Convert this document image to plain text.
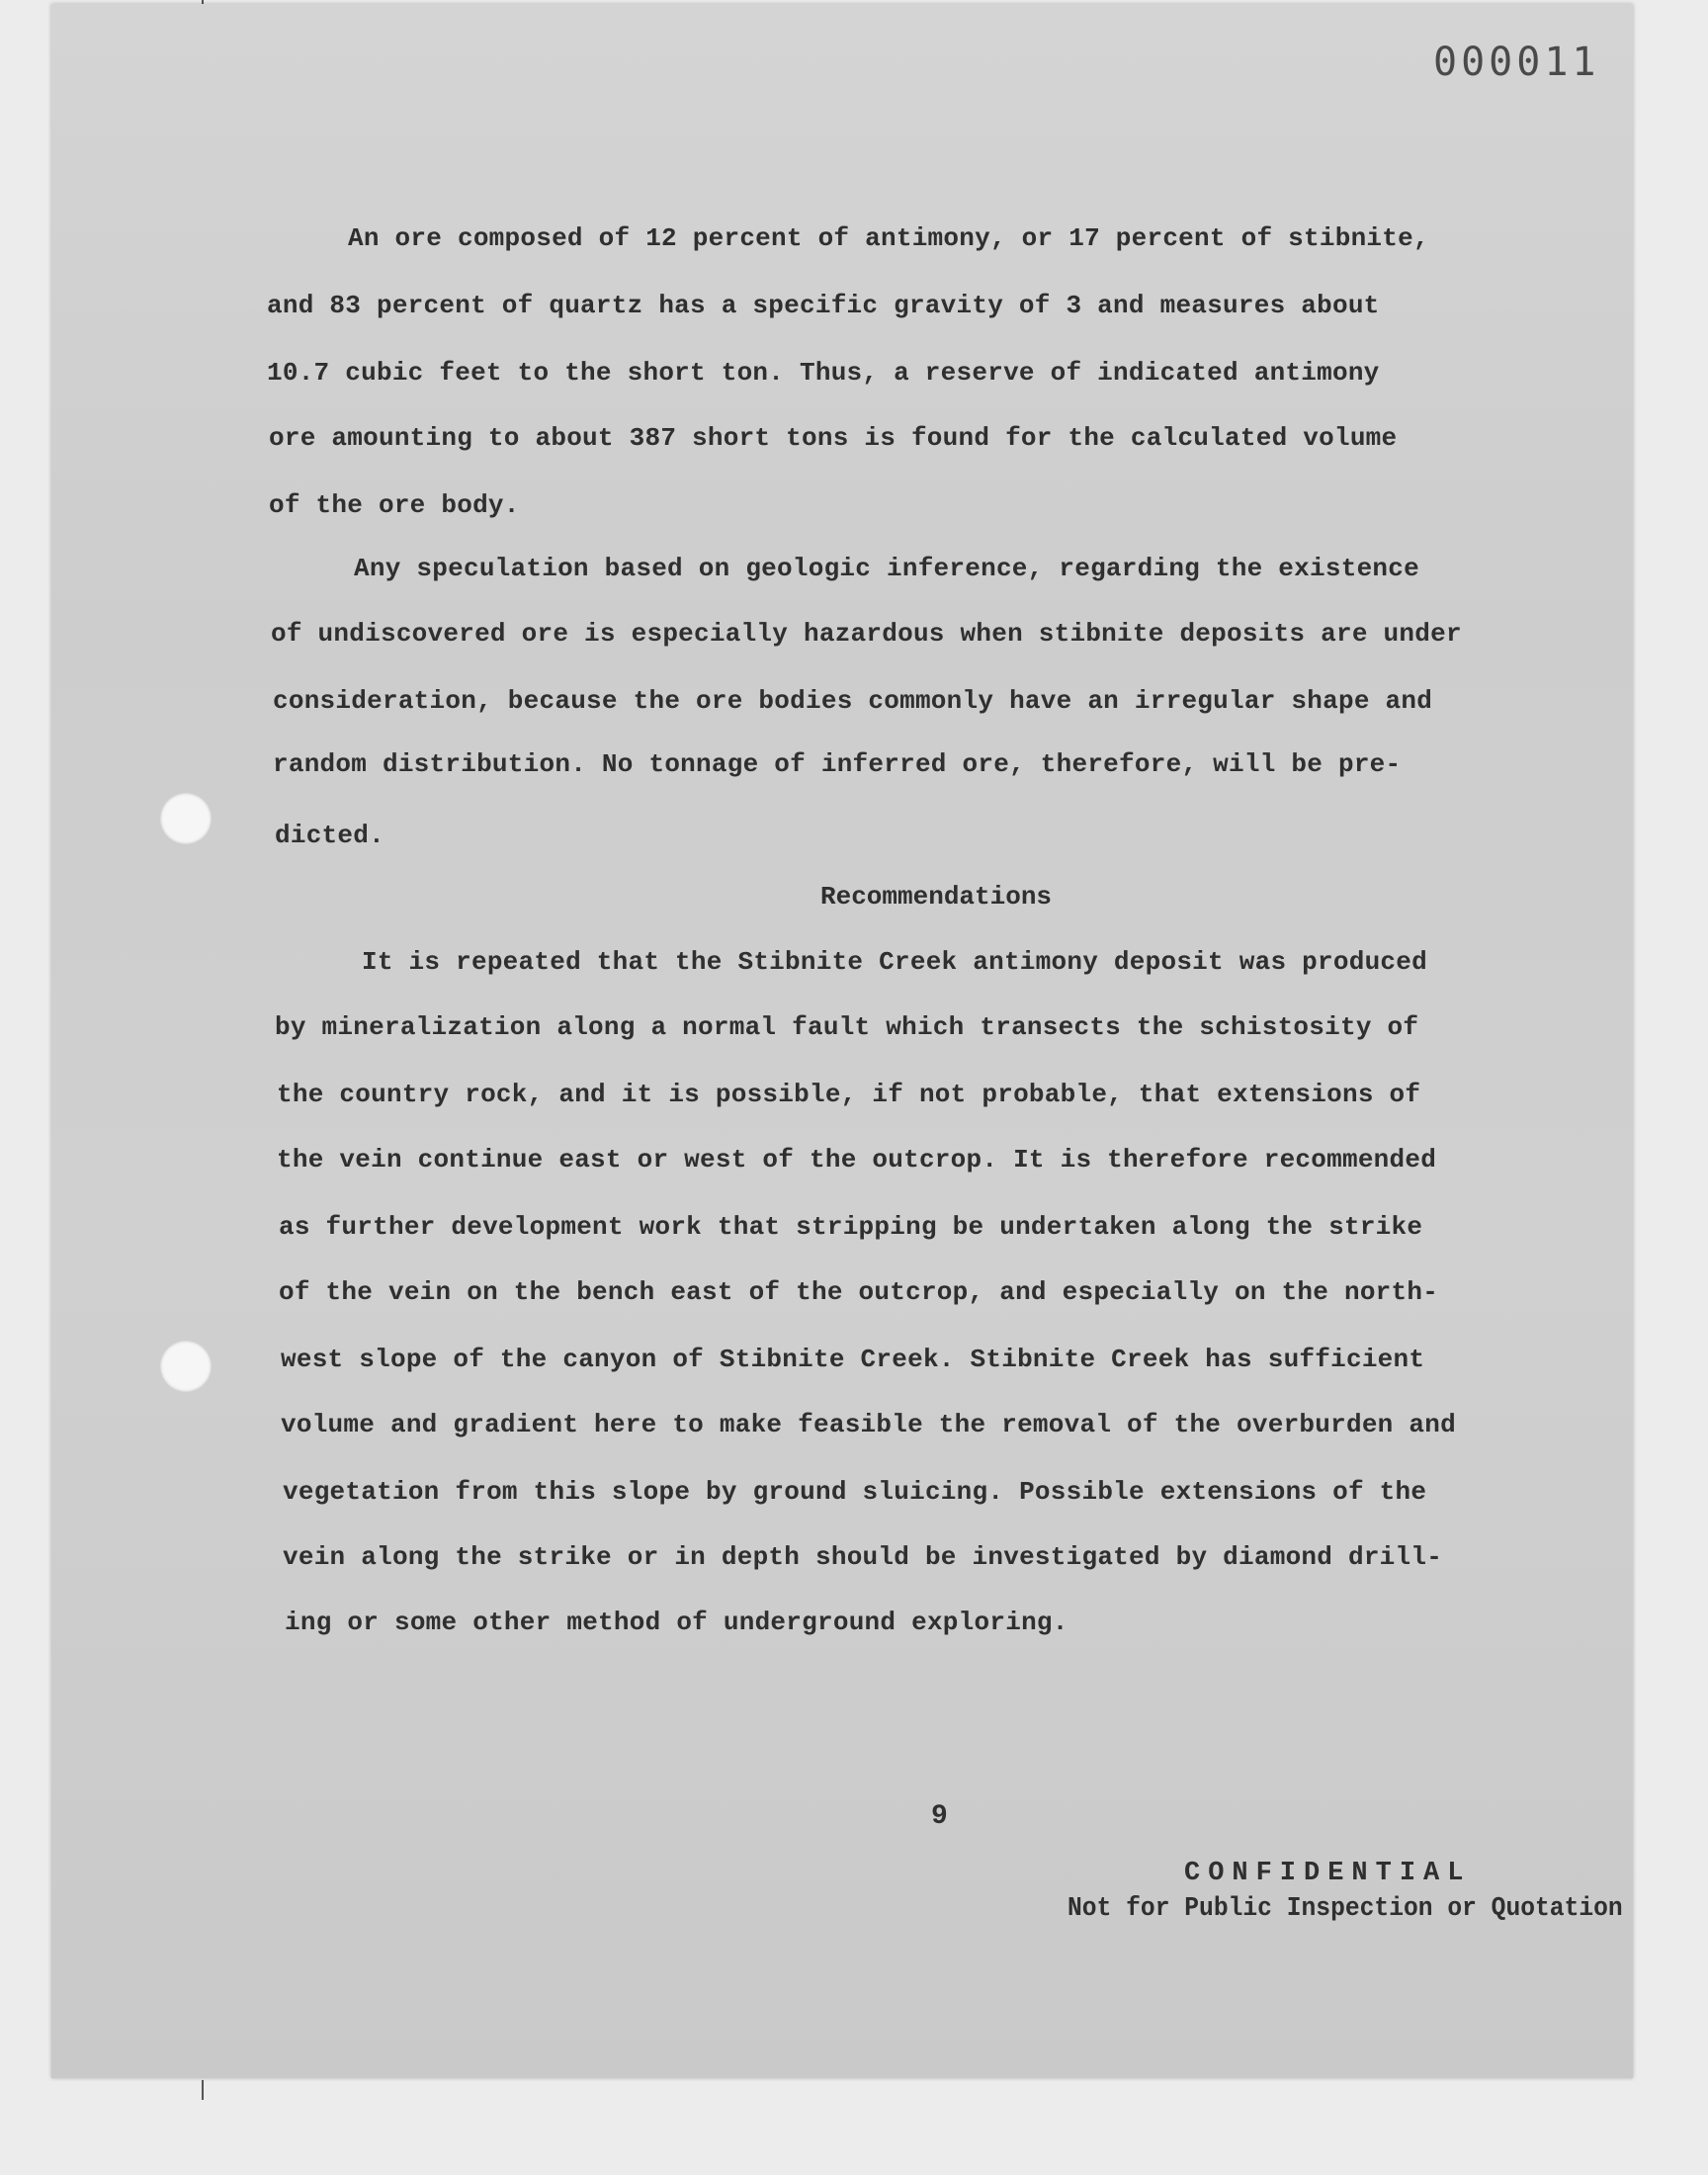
000011
An ore composed of 12 percent of antimony, or 17 percent of stibnite,
and 83 percent of quartz has a specific gravity of 3 and measures about
10.7 cubic feet to the short ton. Thus, a reserve of indicated antimony
ore amounting to about 387 short tons is found for the calculated volume
of the ore body.
Any speculation based on geologic inference, regarding the existence
of undiscovered ore is especially hazardous when stibnite deposits are under
consideration, because the ore bodies commonly have an irregular shape and
random distribution. No tonnage of inferred ore, therefore, will be pre-
dicted.
Recommendations
It is repeated that the Stibnite Creek antimony deposit was produced
by mineralization along a normal fault which transects the schistosity of
the country rock, and it is possible, if not probable, that extensions of
the vein continue east or west of the outcrop. It is therefore recommended
as further development work that stripping be undertaken along the strike
of the vein on the bench east of the outcrop, and especially on the north-
west slope of the canyon of Stibnite Creek. Stibnite Creek has sufficient
volume and gradient here to make feasible the removal of the overburden and
vegetation from this slope by ground sluicing. Possible extensions of the
vein along the strike or in depth should be investigated by diamond drill-
ing or some other method of underground exploring.
9
CONFIDENTIAL
Not for Public Inspection or Quotation
